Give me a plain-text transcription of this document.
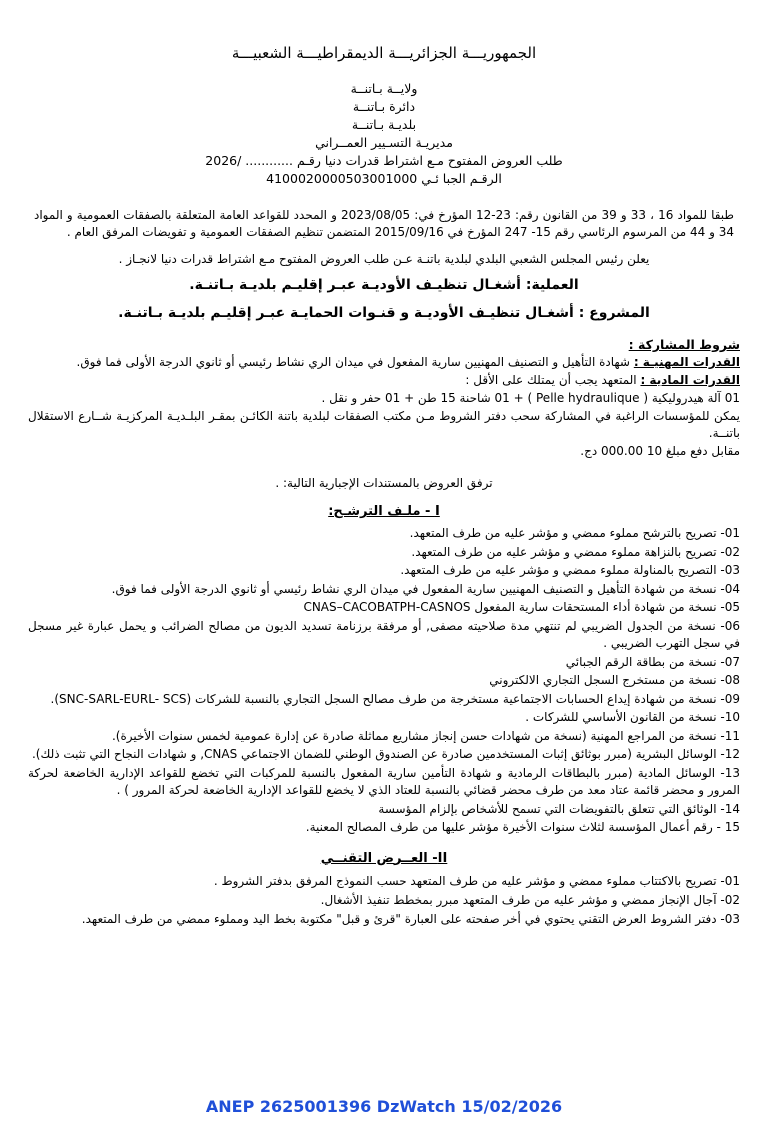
الجمهوريـــة الجزائريـــة الديمقراطيـــة الشعبيـــة
ولايــة بـاتنــة
دائرة بـاتنــة
بلديـة بـاتنــة
مديريـة التسـيير العمــراني
طلب العروض المفتوح مـع اشتراط قدرات دنيا رقـم ............ /2026
الرقـم الجبا ئـي 4100020000503001000

طبقا للمواد 16 ، 33 و 39 من القانون رقم: 23-12 المؤرخ في: 2023/08/05 و المحدد للقواعد العامة المتعلقة بالصفقات العمومية و المواد 34 و 44 من المرسوم الرئاسي رقم 15- 247 المؤرخ في 2015/09/16 المتضمن تنظيم الصفقات العمومية و تفويضات المرفق العام .

يعلن رئيس المجلس الشعبي البلدي لبلدية باتنـة عـن طلب العروض المفتوح مـع اشتراط قدرات دنيا لانجـاز .
العملية: أشغـال تنظيـف الأوديـة عبـر إقليـم بلديـة بـاتنـة.
المشروع : أشغـال تنظيـف الأوديـة و قنـوات الحمايـة عبـر إقليـم بلديـة بـاتنـة.
شروط المشاركة :

القدرات المهنيـة : شهادة التأهيل و التصنيف المهنيين سارية المفعول في ميدان الري نشاط رئيسي أو ثانوي الدرجة الأولى فما فوق.

القدرات المادية : المتعهد يجب أن يمتلك على الأقل :

01 آلة هيدروليكية ( Pelle hydraulique ) + 01 شاحنة 15 طن + 01 حفر و نقل .

يمكن للمؤسسات الراغبة في المشاركة سحب دفتر الشروط مـن مكتب الصفقات لبلدية باتنة الكائـن بمقـر البلـديـة المركزيـة شــارع الاستقلال باتنــة.

مقابل دفع مبلغ 10 000.00 دج.

ترفق العروض بالمستندات الإجبارية التالية: .
I - ملـف الترشـح:
01- تصريح بالترشح مملوء ممضي و مؤشر عليه من طرف المتعهد.
02- تصريح بالنزاهة مملوء ممضي و مؤشر عليه من طرف المتعهد.
03- التصريح بالمناولة مملوء ممضي و مؤشر عليه من طرف المتعهد.
04- نسخة من شهادة التأهيل و التصنيف المهنيين سارية المفعول في ميدان الري نشاط رئيسي أو ثانوي الدرجة الأولى فما فوق.
05- نسخة من شهادة أداء المستحقات سارية المفعول CNAS–CACOBATPH-CASNOS
06- نسخة من الجدول الضريبي لم تنتهي مدة صلاحيته مصفى, أو مرفقة برزنامة تسديد الديون من مصالح الضرائب و يحمل عبارة غير مسجل في سجل التهرب الضريبي .
07- نسخة من بطاقة الرقم الجبائي
08- نسخة من مستخرج السجل التجاري الالكتروني
09- نسخة من شهادة إيداع الحسابات الاجتماعية مستخرجة من طرف مصالح السجل التجاري بالنسبة للشركات (SNC-SARL-EURL- SCS).
10- نسخة من القانون الأساسي للشركات .
11- نسخة من المراجع المهنية (نسخة من شهادات حسن إنجاز مشاريع مماثلة صادرة عن إدارة عمومية لخمس سنوات الأخيرة).
12- الوسائل البشرية (مبرر بوثائق إثبات المستخدمين صادرة عن الصندوق الوطني للضمان الاجتماعي CNAS, و شهادات النجاح التي تثبت ذلك).
13- الوسائل المادية (مبرر بالبطاقات الرمادية و شهادة التأمين سارية المفعول بالنسبة للمركبات التي تخضع للقواعد الإدارية الخاضعة لحركة المرور و محضر قائمة عتاد معد من طرف محضر قضائي بالنسبة للعتاد الذي لا يخضع للقواعد الإدارية الخاضعة لحركة المرور ) .
14- الوثائق التي تتعلق بالتفويضات التي تسمح للأشخاص بإلزام المؤسسة
15 - رقم أعمال المؤسسة لثلاث سنوات الأخيرة مؤشر عليها من طرف المصالح المعنية.
II- العــرض التقنــي
01- تصريح بالاكتتاب مملوء ممضي و مؤشر عليه من طرف المتعهد حسب النموذج المرفق بدفتر الشروط .
02- آجال الإنجاز ممضي و مؤشر عليه من طرف المتعهد مبرر بمخطط تنفيذ الأشغال.
03- دفتر الشروط العرض التقني يحتوي في أخر صفحته على العبارة "قرئ و قبل" مكتوبة بخط اليد ومملوء ممضي من طرف المتعهد.
ANEP 2625001396 DzWatch 15/02/2026
